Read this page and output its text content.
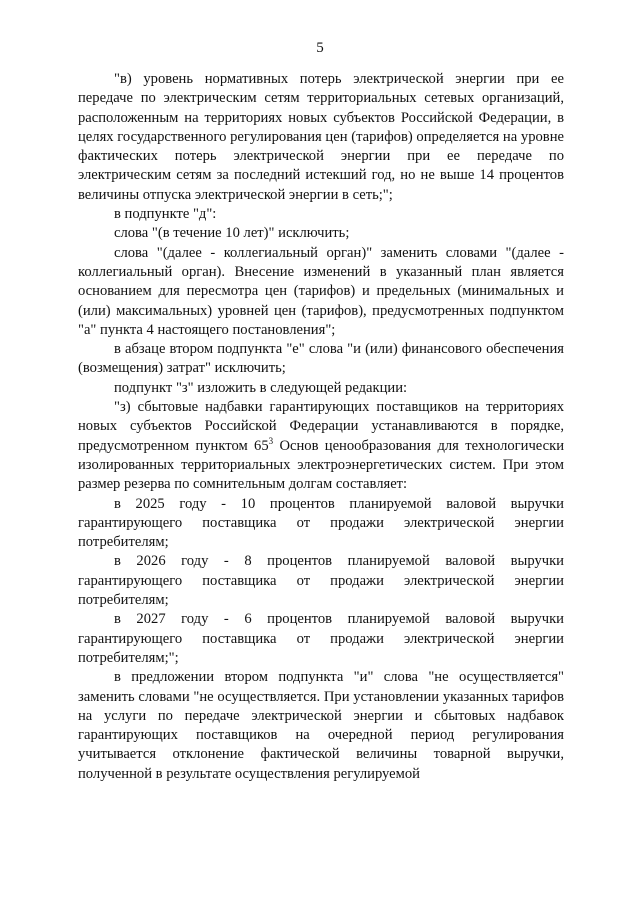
5

"в) уровень нормативных потерь электрической энергии при ее передаче по электрическим сетям территориальных сетевых организаций, расположенным на территориях новых субъектов Российской Федерации, в целях государственного регулирования цен (тарифов) определяется на уровне фактических потерь электрической энергии при ее передаче по электрическим сетям за последний истекший год, но не выше 14 процентов величины отпуска электрической энергии в сеть;";

в подпункте "д":

слова "(в течение 10 лет)" исключить;

слова "(далее - коллегиальный орган)" заменить словами "(далее - коллегиальный орган). Внесение изменений в указанный план является основанием для пересмотра цен (тарифов) и предельных (минимальных и (или) максимальных) уровней цен (тарифов), предусмотренных подпунктом "а" пункта 4 настоящего постановления";

в абзаце втором подпункта "е" слова "и (или) финансового обеспечения (возмещения) затрат" исключить;

подпункт "з" изложить в следующей редакции:

"з) сбытовые надбавки гарантирующих поставщиков на территориях новых субъектов Российской Федерации устанавливаются в порядке, предусмотренном пунктом $65^3$ Основ ценообразования для технологически изолированных территориальных электроэнергетических систем. При этом размер резерва по сомнительным долгам составляет:

в 2025 году - 10 процентов планируемой валовой выручки гарантирующего поставщика от продажи электрической энергии потребителям;

в 2026 году - 8 процентов планируемой валовой выручки гарантирующего поставщика от продажи электрической энергии потребителям;

в 2027 году - 6 процентов планируемой валовой выручки гарантирующего поставщика от продажи электрической энергии потребителям;";

в предложении втором подпункта "и" слова "не осуществляется" заменить словами "не осуществляется. При установлении указанных тарифов на услуги по передаче электрической энергии и сбытовых надбавок гарантирующих поставщиков на очередной период регулирования учитывается отклонение фактической величины товарной выручки, полученной в результате осуществления регулируемой
